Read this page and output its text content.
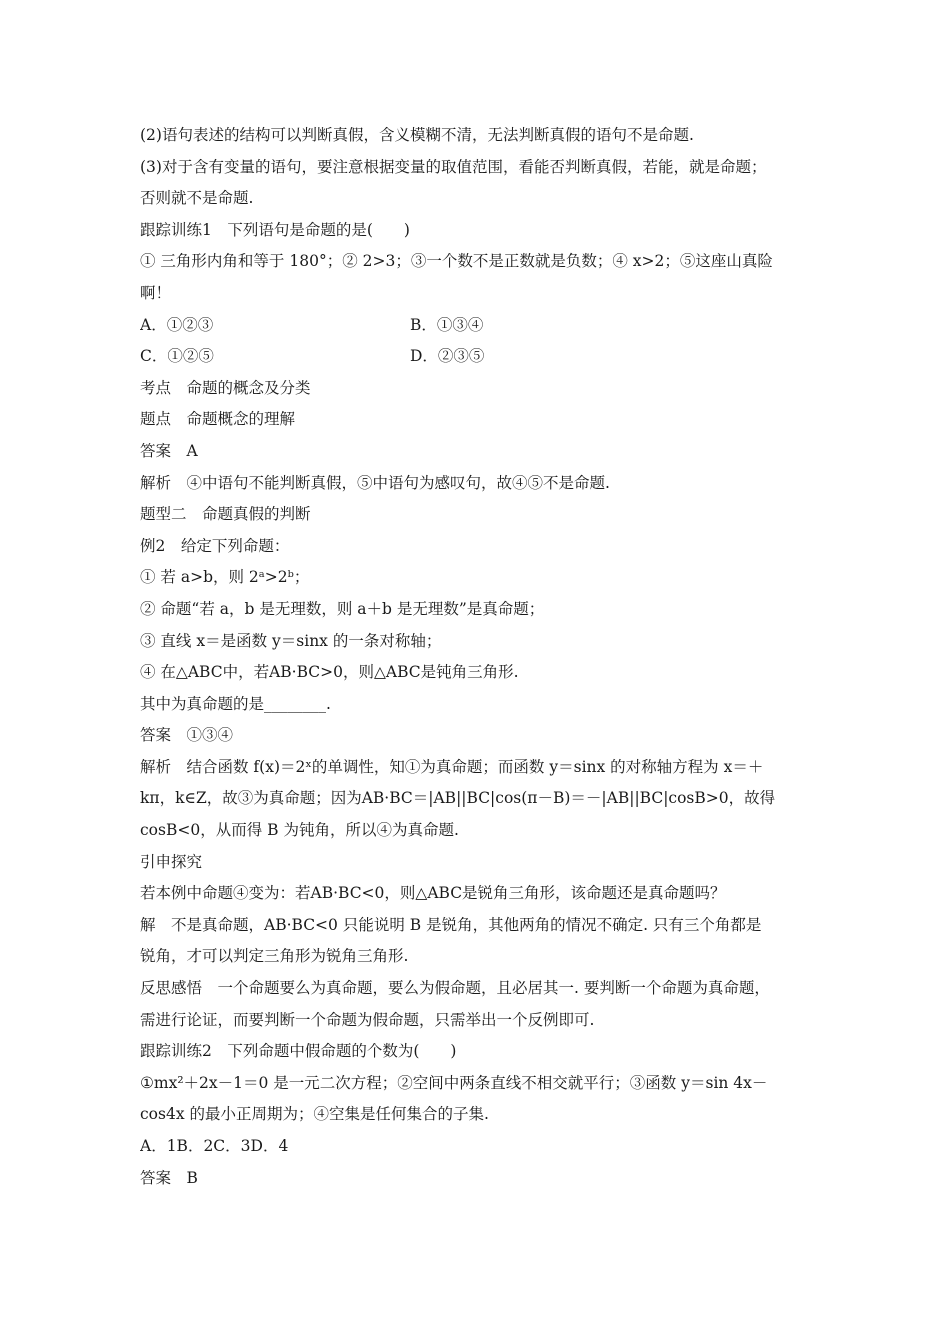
(2)语句表述的结构可以判断真假，含义模糊不清，无法判断真假的语句不是命题.
(3)对于含有变量的语句，要注意根据变量的取值范围，看能否判断真假，若能，就是命题；
否则就不是命题.
跟踪训练1　下列语句是命题的是(　　)
① 三角形内角和等于 180°；② 2>3；③一个数不是正数就是负数；④ x>2；⑤这座山真险
啊！
A．①②③	B．①③④
C．①②⑤	D．②③⑤
考点　命题的概念及分类
题点　命题概念的理解
答案　A
解析　④中语句不能判断真假，⑤中语句为感叹句，故④⑤不是命题.
题型二　命题真假的判断
例2　给定下列命题：
① 若 a>b，则 2ᵃ>2ᵇ；
② 命题“若 a，b 是无理数，则 a＋b 是无理数”是真命题；
③ 直线 x＝是函数 y＝sinx 的一条对称轴；
④ 在△ABC中，若AB·BC>0，则△ABC是钝角三角形.
其中为真命题的是________.
答案　①③④
解析　结合函数 f(x)＝2ˣ的单调性，知①为真命题；而函数 y＝sinx 的对称轴方程为 x＝＋
kπ，k∈Z，故③为真命题；因为AB·BC＝|AB||BC|cos(π－B)＝－|AB||BC|cosB>0，故得
cosB<0，从而得 B 为钝角，所以④为真命题.
引申探究
若本例中命题④变为：若AB·BC<0，则△ABC是锐角三角形，该命题还是真命题吗？
解　不是真命题，AB·BC<0 只能说明 B 是锐角，其他两角的情况不确定. 只有三个角都是
锐角，才可以判定三角形为锐角三角形.
反思感悟　一个命题要么为真命题，要么为假命题，且必居其一. 要判断一个命题为真命题，
需进行论证，而要判断一个命题为假命题，只需举出一个反例即可.
跟踪训练2　下列命题中假命题的个数为(　　)
①mx²＋2x－1＝0 是一元二次方程；②空间中两条直线不相交就平行；③函数 y＝sin 4x－
cos4x 的最小正周期为；④空集是任何集合的子集.
A．1B．2C．3D．4
答案　B
